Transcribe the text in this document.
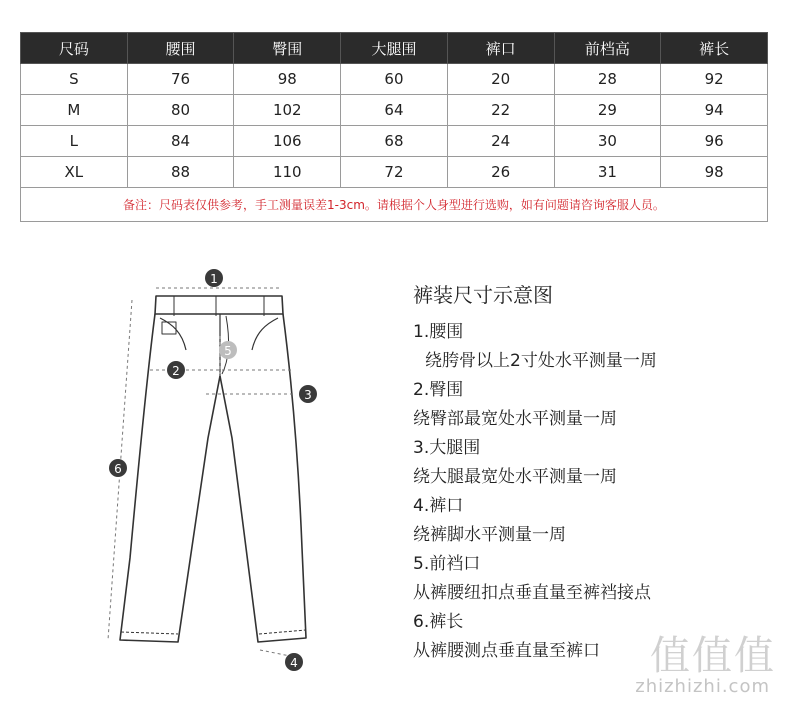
尺码	腰围	臀围	大腿围	裤口	前档高	裤长
S	76	98	60	20	28	92
M	80	102	64	22	29	94
L	84	106	68	24	30	96
XL	88	110	72	26	31	98
备注：尺码表仅供参考，手工测量误差1-3cm。请根据个人身型进行选购，如有问题请咨询客服人员。						
1
2
3
4
5
6
裤装尺寸示意图
1.腰围
绕胯骨以上2寸处水平测量一周
2.臀围
绕臀部最宽处水平测量一周
3.大腿围
绕大腿最宽处水平测量一周
4.裤口
绕裤脚水平测量一周
5.前裆口
从裤腰纽扣点垂直量至裤裆接点
6.裤长
从裤腰测点垂直量至裤口	值值值
zhizhizhi.com
